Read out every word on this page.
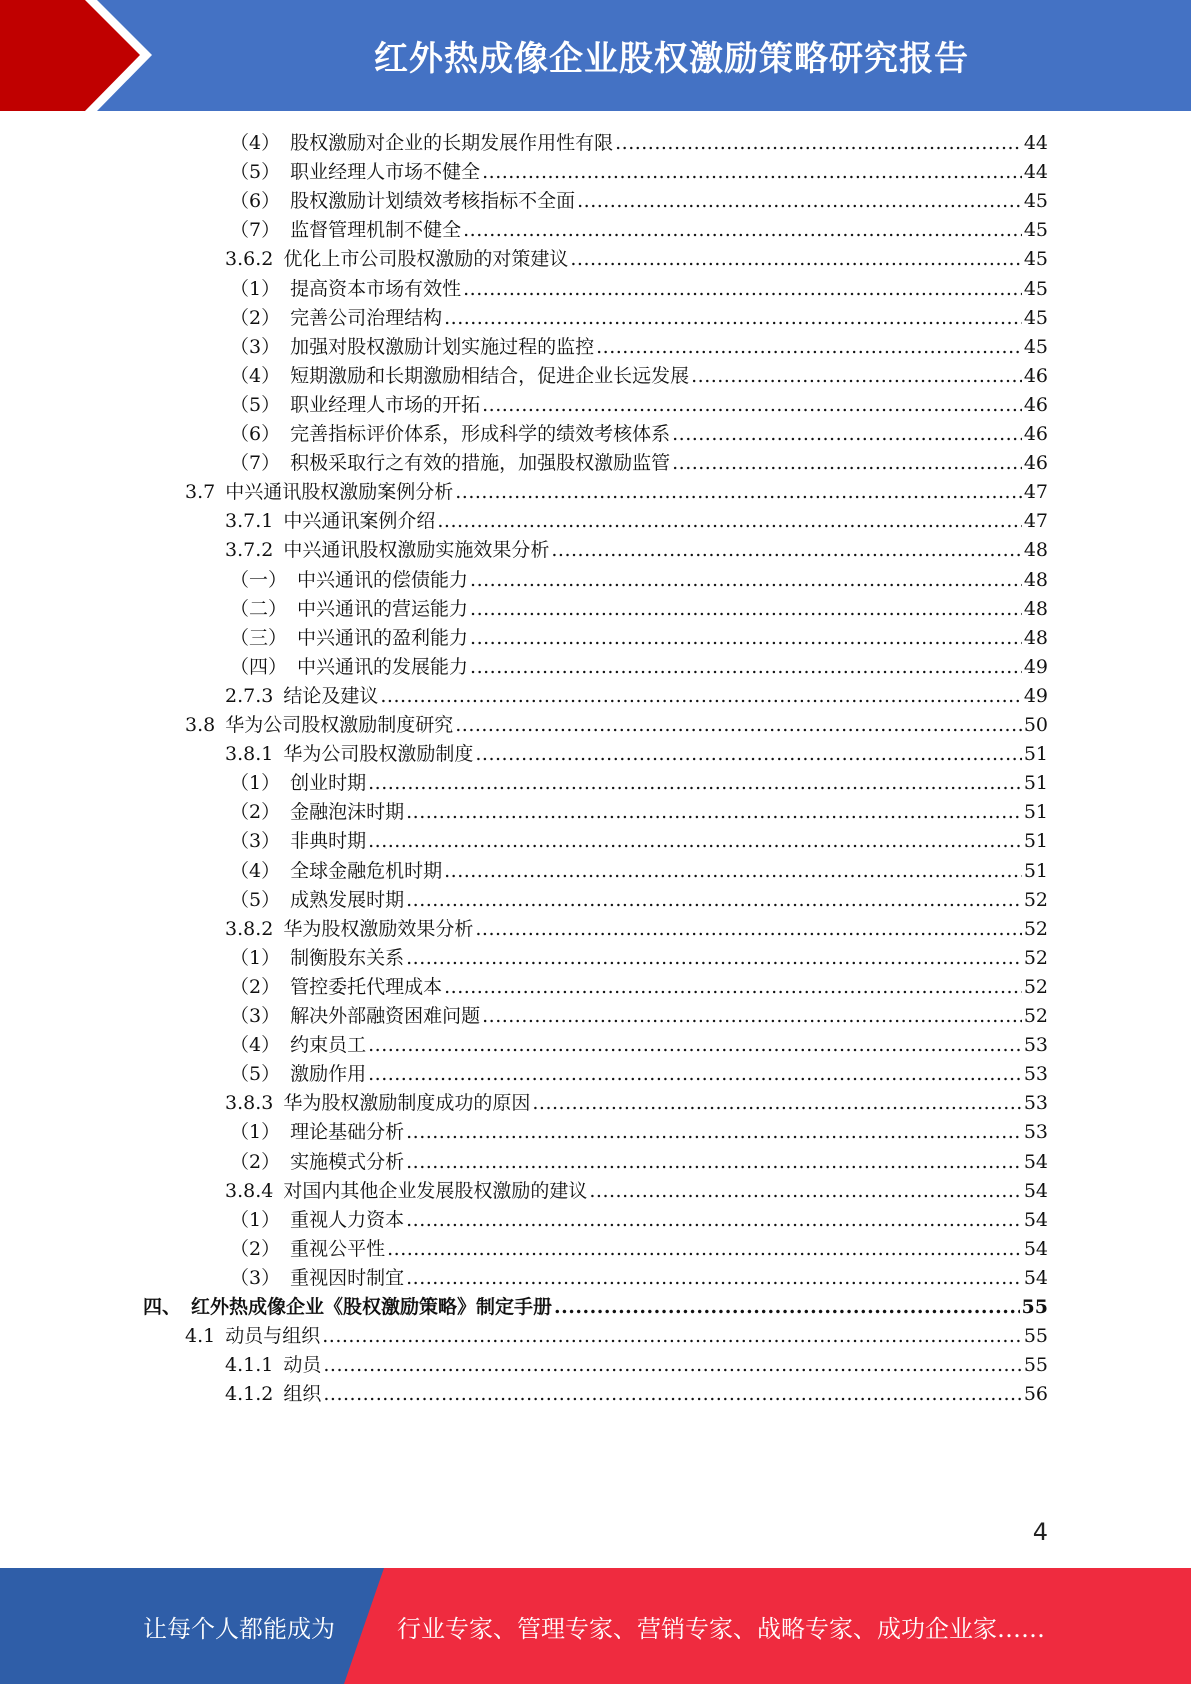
红外热成像企业股权激励策略研究报告
（4） 股权激励对企业的长期发展作用性有限 .....	44
（5） 职业经理人市场不健全 .....	44
（6） 股权激励计划绩效考核指标不全面 .....	45
（7） 监督管理机制不健全 .....	45
3.6.2 优化上市公司股权激励的对策建议 .....	45
（1） 提高资本市场有效性 .....	45
（2） 完善公司治理结构 .....	45
（3） 加强对股权激励计划实施过程的监控 .....	45
（4） 短期激励和长期激励相结合，促进企业长远发展 .....	46
（5） 职业经理人市场的开拓 .....	46
（6） 完善指标评价体系，形成科学的绩效考核体系 .....	46
（7） 积极采取行之有效的措施，加强股权激励监管 .....	46
3.7 中兴通讯股权激励案例分析 .....	47
3.7.1 中兴通讯案例介绍 .....	47
3.7.2 中兴通讯股权激励实施效果分析 .....	48
（一） 中兴通讯的偿债能力 .....	48
（二） 中兴通讯的营运能力 .....	48
（三） 中兴通讯的盈利能力 .....	48
（四） 中兴通讯的发展能力 .....	49
2.7.3 结论及建议 .....	49
3.8 华为公司股权激励制度研究 .....	50
3.8.1 华为公司股权激励制度 .....	51
（1） 创业时期 .....	51
（2） 金融泡沫时期 .....	51
（3） 非典时期 .....	51
（4） 全球金融危机时期 .....	51
（5） 成熟发展时期 .....	52
3.8.2 华为股权激励效果分析 .....	52
（1） 制衡股东关系 .....	52
（2） 管控委托代理成本 .....	52
（3） 解决外部融资困难问题 .....	52
（4） 约束员工 .....	53
（5） 激励作用 .....	53
3.8.3 华为股权激励制度成功的原因 .....	53
（1） 理论基础分析 .....	53
（2） 实施模式分析 .....	54
3.8.4 对国内其他企业发展股权激励的建议 .....	54
（1） 重视人力资本 .....	54
（2） 重视公平性 .....	54
（3） 重视因时制宜 .....	54
四、 红外热成像企业《股权激励策略》制定手册 .....	55
4.1 动员与组织 .....	55
4.1.1 动员 .....	55
4.1.2 组织 .....	56
4
让每个人都能成为	行业专家、管理专家、营销专家、战略专家、成功企业家……
